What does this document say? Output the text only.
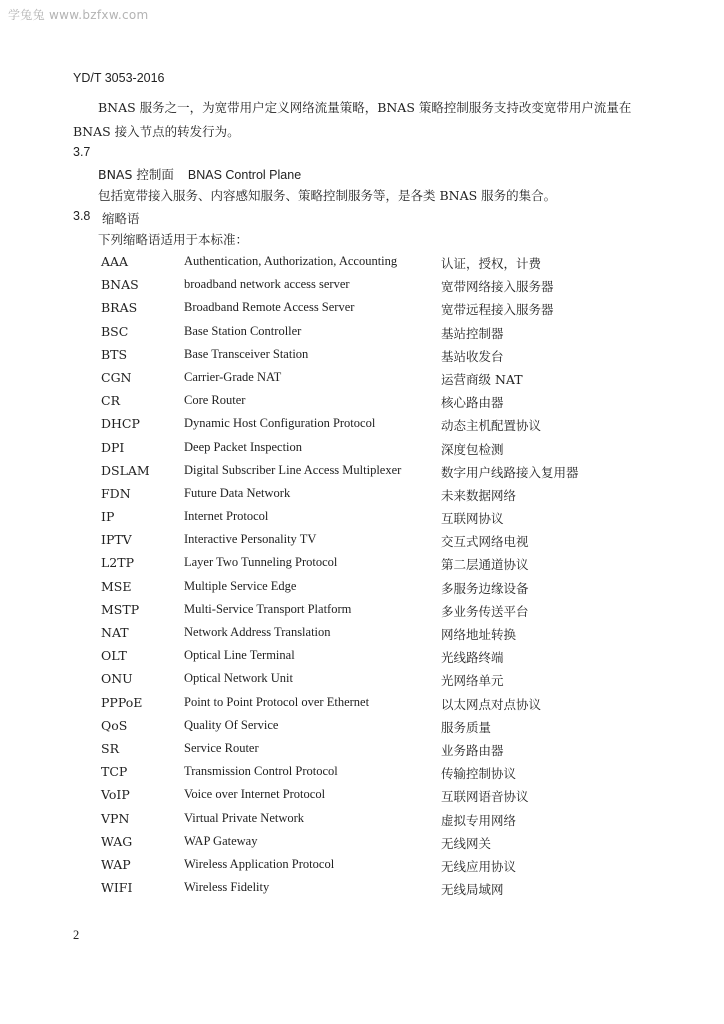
学兔兔 www.bzfxw.com
YD/T 3053-2016
BNAS 服务之一，为宽带用户定义网络流量策略，BNAS 策略控制服务支持改变宽带用户流量在 BNAS 接入节点的转发行为。
3.7
BNAS 控制面 BNAS Control Plane
包括宽带接入服务、内容感知服务、策略控制服务等，是各类 BNAS 服务的集合。
3.8 缩略语
下列缩略语适用于本标准：
AAA	Authentication, Authorization, Accounting	认证，授权，计费
BNAS	broadband network access server	宽带网络接入服务器
BRAS	Broadband Remote Access Server	宽带远程接入服务器
BSC	Base Station Controller	基站控制器
BTS	Base Transceiver Station	基站收发台
CGN	Carrier-Grade NAT	运营商级 NAT
CR	Core Router	核心路由器
DHCP	Dynamic Host Configuration Protocol	动态主机配置协议
DPI	Deep Packet Inspection	深度包检测
DSLAM	Digital Subscriber Line Access Multiplexer	数字用户线路接入复用器
FDN	Future Data Network	未来数据网络
IP	Internet Protocol	互联网协议
IPTV	Interactive Personality TV	交互式网络电视
L2TP	Layer Two Tunneling Protocol	第二层通道协议
MSE	Multiple Service Edge	多服务边缘设备
MSTP	Multi-Service Transport Platform	多业务传送平台
NAT	Network Address Translation	网络地址转换
OLT	Optical Line Terminal	光线路终端
ONU	Optical Network Unit	光网络单元
PPPoE	Point to Point Protocol over Ethernet	以太网点对点协议
QoS	Quality Of Service	服务质量
SR	Service Router	业务路由器
TCP	Transmission Control Protocol	传输控制协议
VoIP	Voice over Internet Protocol	互联网语音协议
VPN	Virtual Private Network	虚拟专用网络
WAG	WAP Gateway	无线网关
WAP	Wireless Application Protocol	无线应用协议
WIFI	Wireless Fidelity	无线局域网
2
